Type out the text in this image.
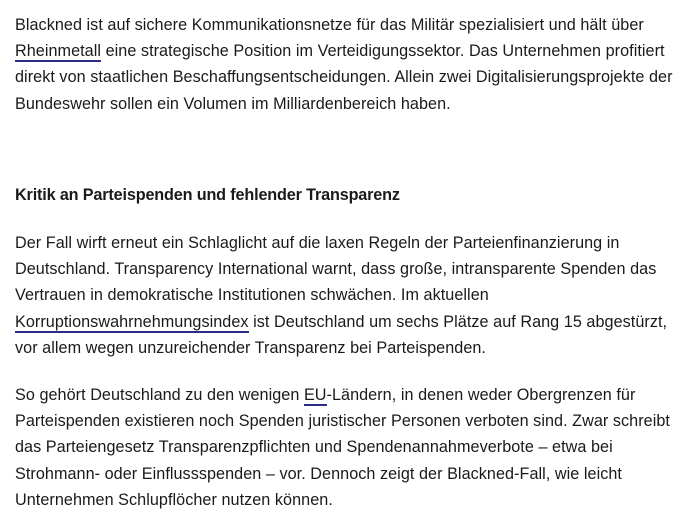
Blackned ist auf sichere Kommunikationsnetze für das Militär spezialisiert und hält über Rheinmetall eine strategische Position im Verteidigungssektor. Das Unternehmen profitiert direkt von staatlichen Beschaffungsentscheidungen. Allein zwei Digitalisierungsprojekte der Bundeswehr sollen ein Volumen im Milliardenbereich haben.

Kritik an Parteispenden und fehlender Transparenz

Der Fall wirft erneut ein Schlaglicht auf die laxen Regeln der Parteienfinanzierung in Deutschland. Transparency International warnt, dass große, intransparente Spenden das Vertrauen in demokratische Institutionen schwächen. Im aktuellen Korruptionswahrnehmungsindex ist Deutschland um sechs Plätze auf Rang 15 abgestürzt, vor allem wegen unzureichender Transparenz bei Parteispenden.

So gehört Deutschland zu den wenigen EU-Ländern, in denen weder Obergrenzen für Parteispenden existieren noch Spenden juristischer Personen verboten sind. Zwar schreibt das Parteiengesetz Transparenzpflichten und Spendenannahmeverbote – etwa bei Strohmann- oder Einflussspenden – vor. Dennoch zeigt der Blackned-Fall, wie leicht Unternehmen Schlupflöcher nutzen können.
